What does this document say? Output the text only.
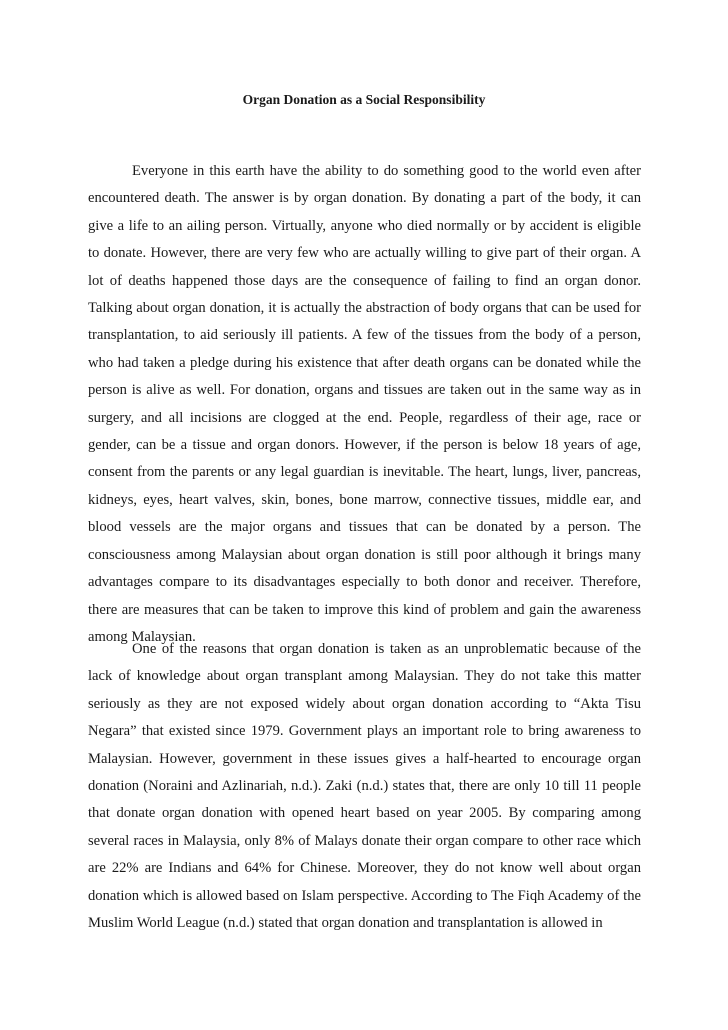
Organ Donation as a Social Responsibility

Everyone in this earth have the ability to do something good to the world even after encountered death. The answer is by organ donation. By donating a part of the body, it can give a life to an ailing person. Virtually, anyone who died normally or by accident is eligible to donate. However, there are very few who are actually willing to give part of their organ. A lot of deaths happened those days are the consequence of failing to find an organ donor. Talking about organ donation, it is actually the abstraction of body organs that can be used for transplantation, to aid seriously ill patients. A few of the tissues from the body of a person, who had taken a pledge during his existence that after death organs can be donated while the person is alive as well. For donation, organs and tissues are taken out in the same way as in surgery, and all incisions are clogged at the end. People, regardless of their age, race or gender, can be a tissue and organ donors. However, if the person is below 18 years of age, consent from the parents or any legal guardian is inevitable. The heart, lungs, liver, pancreas, kidneys, eyes, heart valves, skin, bones, bone marrow, connective tissues, middle ear, and blood vessels are the major organs and tissues that can be donated by a person. The consciousness among Malaysian about organ donation is still poor although it brings many advantages compare to its disadvantages especially to both donor and receiver. Therefore, there are measures that can be taken to improve this kind of problem and gain the awareness among Malaysian.

One of the reasons that organ donation is taken as an unproblematic because of the lack of knowledge about organ transplant among Malaysian. They do not take this matter seriously as they are not exposed widely about organ donation according to “Akta Tisu Negara” that existed since 1979. Government plays an important role to bring awareness to Malaysian. However, government in these issues gives a half-hearted to encourage organ donation (Noraini and Azlinariah, n.d.). Zaki (n.d.) states that, there are only 10 till 11 people that donate organ donation with opened heart based on year 2005. By comparing among several races in Malaysia, only 8% of Malays donate their organ compare to other race which are 22% are Indians and 64% for Chinese. Moreover, they do not know well about organ donation which is allowed based on Islam perspective. According to The Fiqh Academy of the Muslim World League (n.d.) stated that organ donation and transplantation is allowed in
